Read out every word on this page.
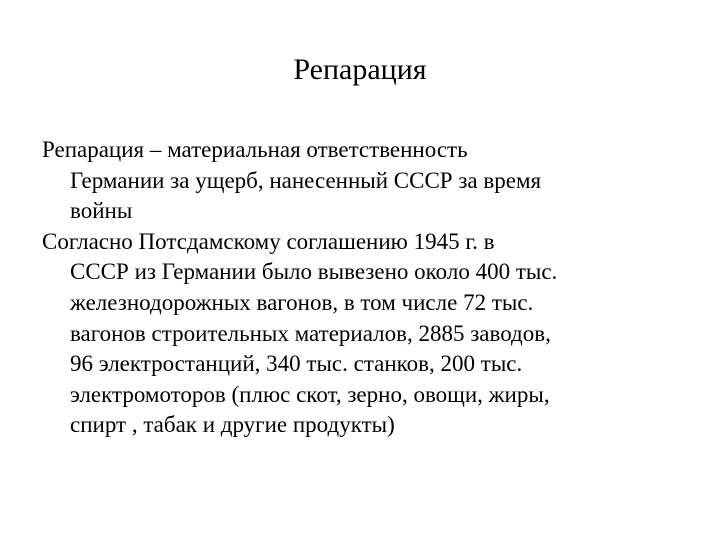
Репарация
Репарация – материальная ответственность
Германии за ущерб, нанесенный СССР за время
войны
Согласно Потсдамскому соглашению 1945 г. в
СССР из Германии было вывезено около 400 тыс.
железнодорожных вагонов, в том числе 72 тыс.
вагонов строительных материалов, 2885 заводов,
96 электростанций, 340 тыс. станков, 200 тыс.
электромоторов (плюс скот, зерно, овощи, жиры,
спирт , табак и другие продукты)
